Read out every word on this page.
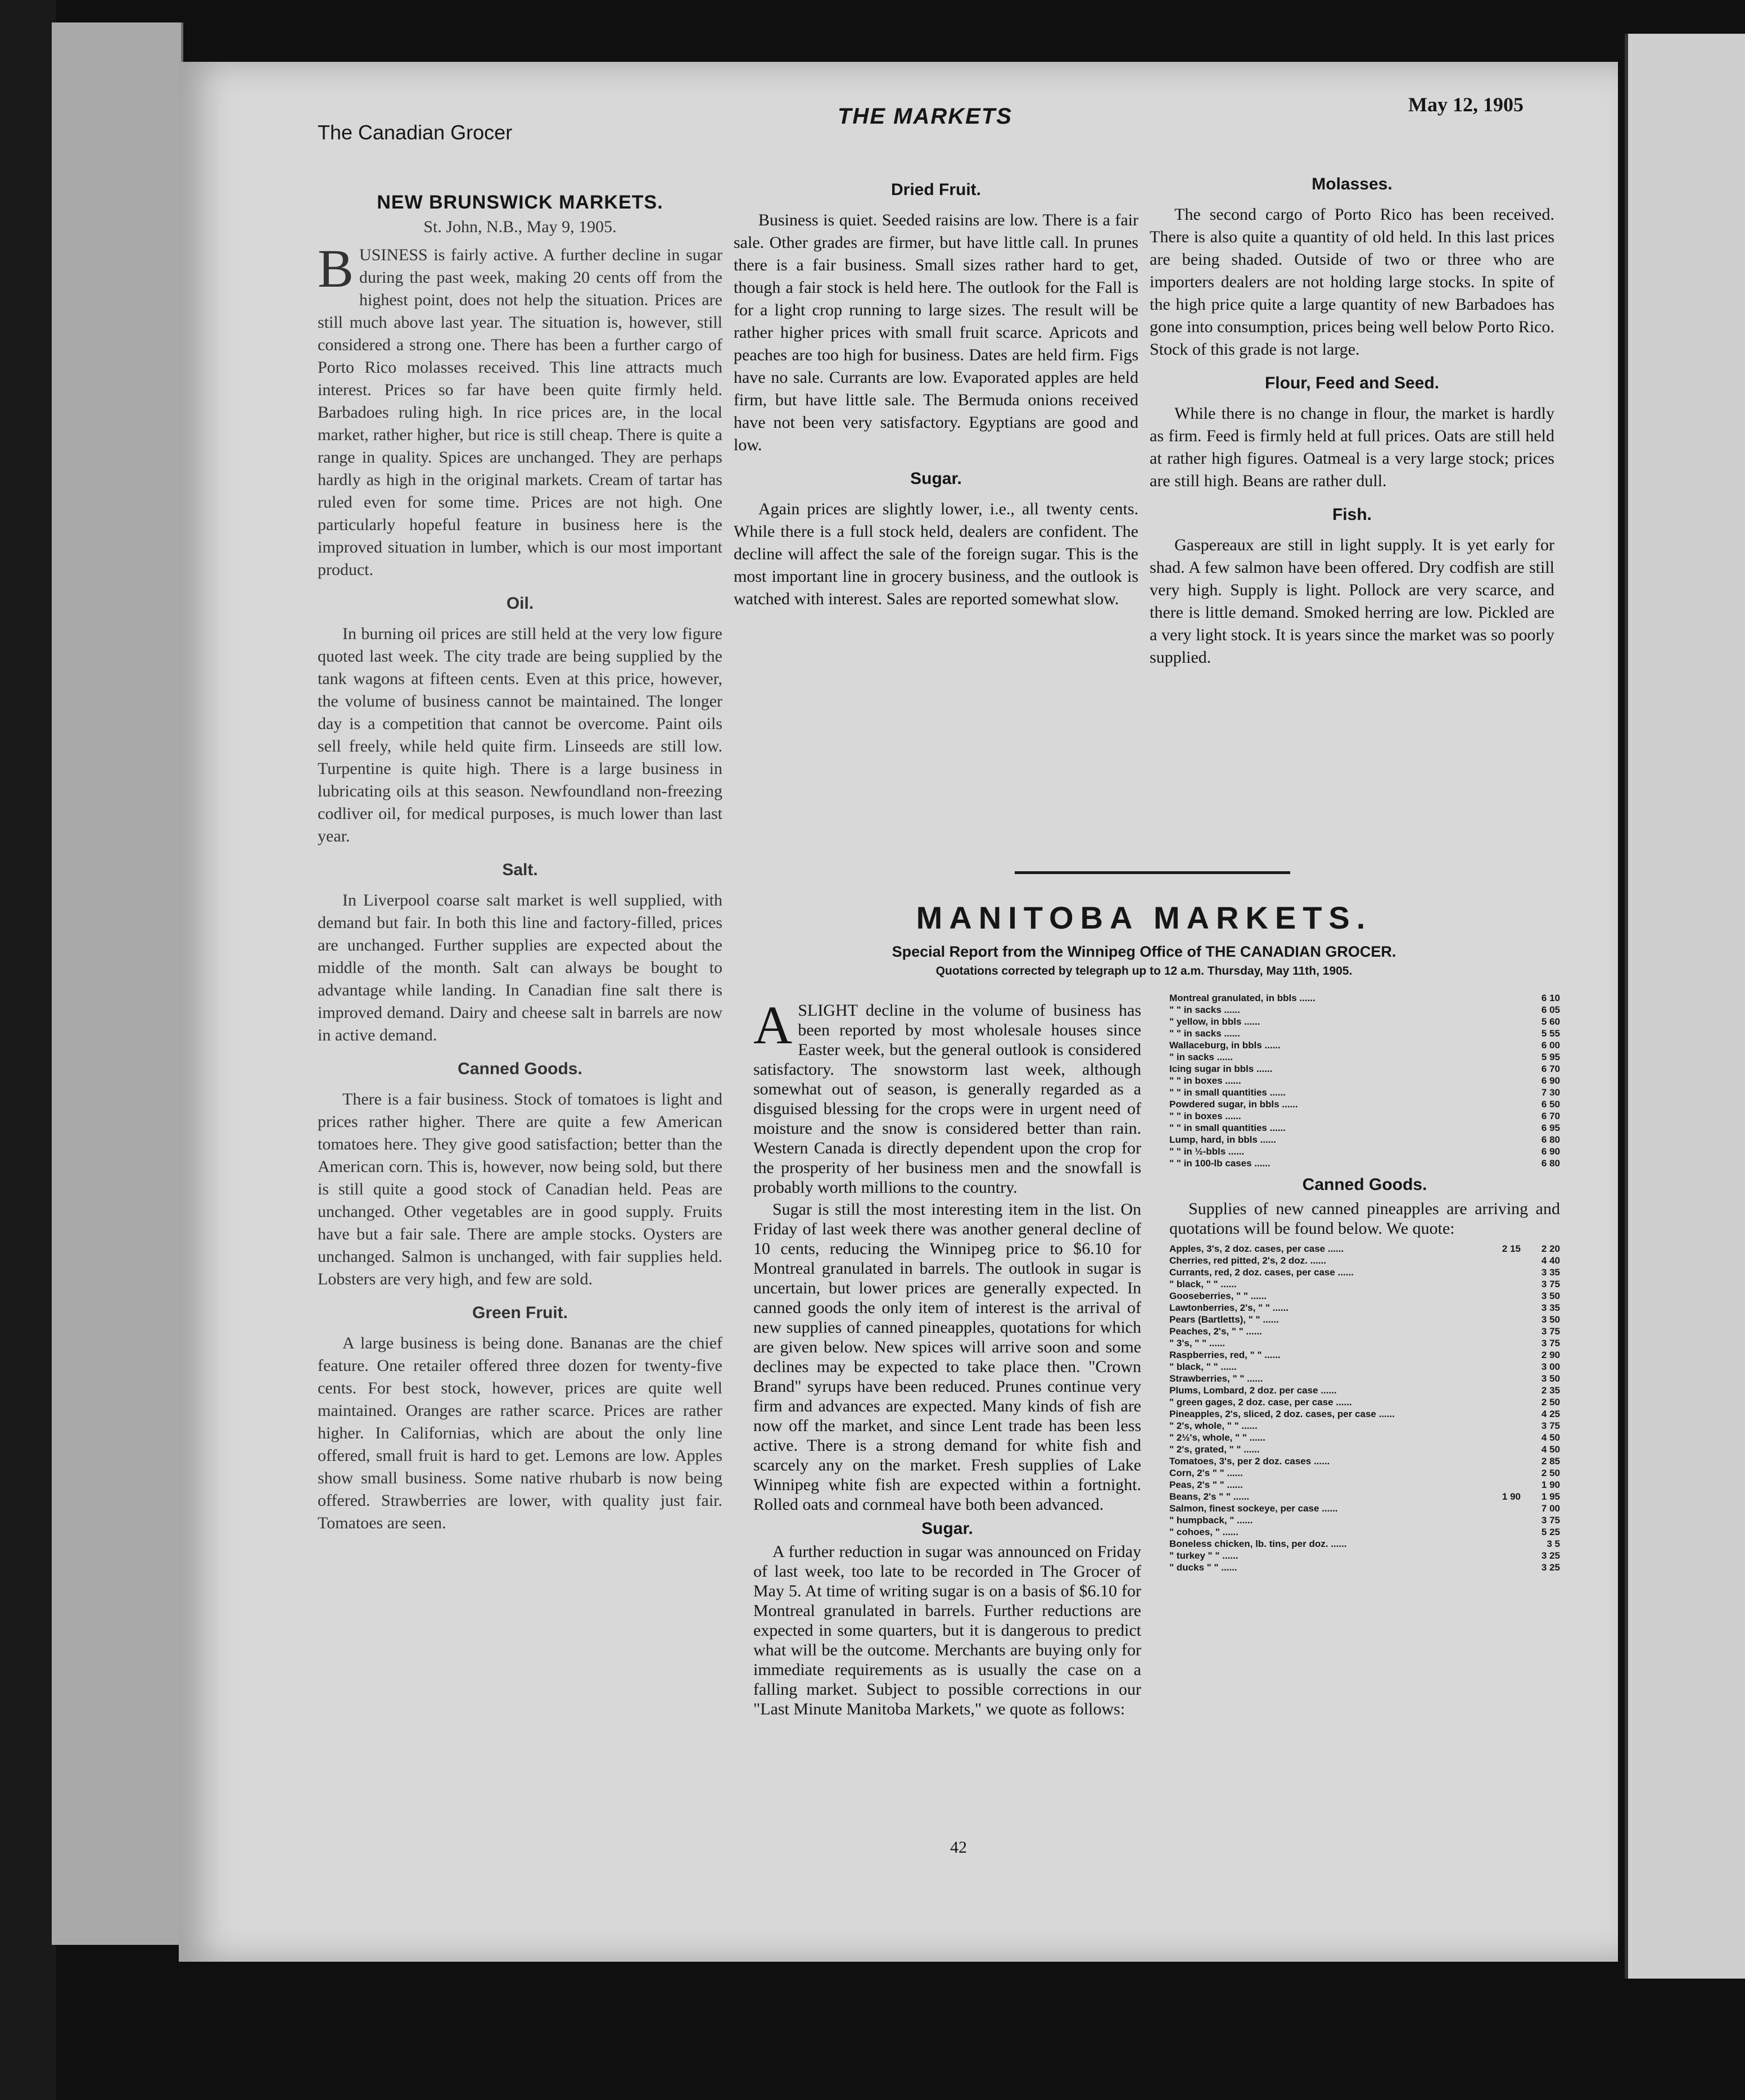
The Canadian Grocer
THE MARKETS	May 12, 1905
NEW BRUNSWICK MARKETS.
St. John, N.B., May 9, 1905.

BUSINESS is fairly active. A further decline in sugar during the past week, making 20 cents off from the highest point, does not help the situation. Prices are still much above last year. The situation is, however, still considered a strong one. There has been a further cargo of Porto Rico molasses received. This line attracts much interest. Prices so far have been quite firmly held. Barbadoes ruling high. In rice prices are, in the local market, rather higher, but rice is still cheap. There is quite a range in quality. Spices are unchanged. They are perhaps hardly as high in the original markets. Cream of tartar has ruled even for some time. Prices are not high. One particularly hopeful feature in business here is the improved situation in lumber, which is our most important product.

Oil.

In burning oil prices are still held at the very low figure quoted last week. The city trade are being supplied by the tank wagons at fifteen cents. Even at this price, however, the volume of business cannot be maintained. The longer day is a competition that cannot be overcome. Paint oils sell freely, while held quite firm. Linseeds are still low. Turpentine is quite high. There is a large business in lubricating oils at this season. Newfoundland non-freezing codliver oil, for medical purposes, is much lower than last year.

Salt.

In Liverpool coarse salt market is well supplied, with demand but fair. In both this line and factory-filled, prices are unchanged. Further supplies are expected about the middle of the month. Salt can always be bought to advantage while landing. In Canadian fine salt there is improved demand. Dairy and cheese salt in barrels are now in active demand.

Canned Goods.

There is a fair business. Stock of tomatoes is light and prices rather higher. There are quite a few American tomatoes here. They give good satisfaction; better than the American corn. This is, however, now being sold, but there is still quite a good stock of Canadian held. Peas are unchanged. Other vegetables are in good supply. Fruits have but a fair sale. There are ample stocks. Oysters are unchanged. Salmon is unchanged, with fair supplies held. Lobsters are very high, and few are sold.

Green Fruit.

A large business is being done. Bananas are the chief feature. One retailer offered three dozen for twenty-five cents. For best stock, however, prices are quite well maintained. Oranges are rather scarce. Prices are rather higher. In Californias, which are about the only line offered, small fruit is hard to get. Lemons are low. Apples show small business. Some native rhubarb is now being offered. Strawberries are lower, with quality just fair. Tomatoes are seen.

Dried Fruit.

Business is quiet. Seeded raisins are low. There is a fair sale. Other grades are firmer, but have little call. In prunes there is a fair business. Small sizes rather hard to get, though a fair stock is held here. The outlook for the Fall is for a light crop running to large sizes. The result will be rather higher prices with small fruit scarce. Apricots and peaches are too high for business. Dates are held firm. Figs have no sale. Currants are low. Evaporated apples are held firm, but have little sale. The Bermuda onions received have not been very satisfactory. Egyptians are good and low.

Sugar.

Again prices are slightly lower, i.e., all twenty cents. While there is a full stock held, dealers are confident. The decline will affect the sale of the foreign sugar. This is the most important line in grocery business, and the outlook is watched with interest. Sales are reported somewhat slow.

Molasses.

The second cargo of Porto Rico has been received. There is also quite a quantity of old held. In this last prices are being shaded. Outside of two or three who are importers dealers are not holding large stocks. In spite of the high price quite a large quantity of new Barbadoes has gone into consumption, prices being well below Porto Rico. Stock of this grade is not large.

Flour, Feed and Seed.

While there is no change in flour, the market is hardly as firm. Feed is firmly held at full prices. Oats are still held at rather high figures. Oatmeal is a very large stock; prices are still high. Beans are rather dull.

Fish.

Gaspereaux are still in light supply. It is yet early for shad. A few salmon have been offered. Dry codfish are still very high. Supply is light. Pollock are very scarce, and there is little demand. Smoked herring are low. Pickled are a very light stock. It is years since the market was so poorly supplied.

MANITOBA MARKETS.
Special Report from the Winnipeg Office of THE CANADIAN GROCER.
Quotations corrected by telegraph up to 12 a.m. Thursday, May 11th, 1905.

ASLIGHT decline in the volume of business has been reported by most wholesale houses since Easter week, but the general outlook is considered satisfactory. The snowstorm last week, although somewhat out of season, is generally regarded as a disguised blessing for the crops were in urgent need of moisture and the snow is considered better than rain. Western Canada is directly dependent upon the crop for the prosperity of her business men and the snowfall is probably worth millions to the country.

Sugar is still the most interesting item in the list. On Friday of last week there was another general decline of 10 cents, reducing the Winnipeg price to $6.10 for Montreal granulated in barrels. The outlook in sugar is uncertain, but lower prices are generally expected. In canned goods the only item of interest is the arrival of new supplies of canned pineapples, quotations for which are given below. New spices will arrive soon and some declines may be expected to take place then. "Crown Brand" syrups have been reduced. Prunes continue very firm and advances are expected. Many kinds of fish are now off the market, and since Lent trade has been less active. There is a strong demand for white fish and scarcely any on the market. Fresh supplies of Lake Winnipeg white fish are expected within a fortnight. Rolled oats and cornmeal have both been advanced.

Sugar.

A further reduction in sugar was announced on Friday of last week, too late to be recorded in The Grocer of May 5. At time of writing sugar is on a basis of $6.10 for Montreal granulated in barrels. Further reductions are expected in some quarters, but it is dangerous to predict what will be the outcome. Merchants are buying only for immediate requirements as is usually the case on a falling market. Subject to possible corrections in our "Last Minute Manitoba Markets," we quote as follows:

Montreal granulated, in bbls ......	6 10
" " in sacks ......	6 05
" yellow, in bbls ......	5 60
" " in sacks ......	5 55
Wallaceburg, in bbls ......	6 00
" in sacks ......	5 95
Icing sugar in bbls ......	6 70
" " in boxes ......	6 90
" " in small quantities ......	7 30
Powdered sugar, in bbls ......	6 50
" " in boxes ......	6 70
" " in small quantities ......	6 95
Lump, hard, in bbls ......	6 80
" " in ½-bbls ......	6 90
" " in 100-lb cases ......	6 80
Canned Goods.

Supplies of new canned pineapples are arriving and quotations will be found below. We quote:

Apples, 3's, 2 doz. cases, per case ......	2 15	2 20
Cherries, red pitted, 2's, 2 doz. ......		4 40
Currants, red, 2 doz. cases, per case ......		3 35
" black, " " ......		3 75
Gooseberries, " " ......		3 50
Lawtonberries, 2's, " " ......		3 35
Pears (Bartletts), " " ......		3 50
Peaches, 2's, " " ......		3 75
" 3's, " " ......		3 75
Raspberries, red, " " ......		2 90
" black, " " ......		3 00
Strawberries, " " ......		3 50
Plums, Lombard, 2 doz. per case ......		2 35
" green gages, 2 doz. case, per case ......		2 50
Pineapples, 2's, sliced, 2 doz. cases, per case ......		4 25
" 2's, whole, " " ......		3 75
" 2½'s, whole, " " ......		4 50
" 2's, grated, " " ......		4 50
Tomatoes, 3's, per 2 doz. cases ......		2 85
Corn, 2's " " ......		2 50
Peas, 2's " " ......		1 90
Beans, 2's " " ......	1 90	1 95
Salmon, finest sockeye, per case ......		7 00
" humpback, " ......		3 75
" cohoes, " ......		5 25
Boneless chicken, lb. tins, per doz. ......		3 5
" turkey " " ......		3 25
" ducks " " ......		3 25
42
